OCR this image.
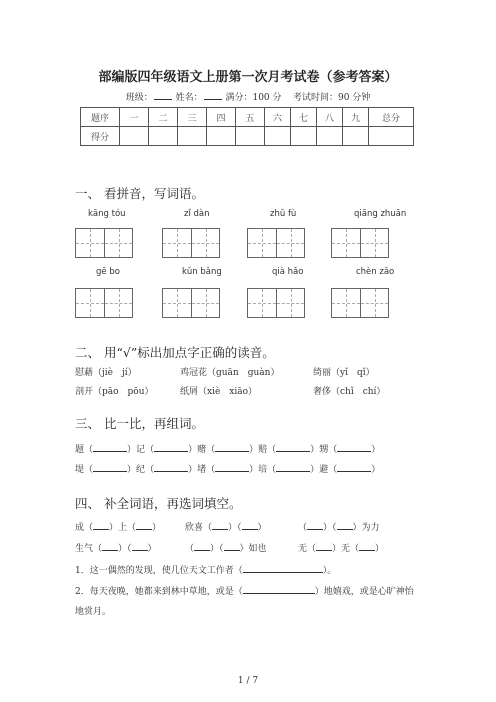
部编版四年级语文上册第一次月考试卷（参考答案）
班级：	姓名：	满分：100 分 考试时间：90 分钟
题序	一	二	三	四	五	六	七	八	九	总分
得分										
一、 看拼音，写词语。
kāng tóu	zǐ dàn	zhǔ fù	qiāng zhuān
gē bo	kǔn bǎng	qià hǎo	chèn zǎo
二、 用“√”标出加点字正确的读音。
慰藉（jiè　jí）	鸡冠花（guān　guàn）	绮丽（yǐ　qǐ）
剖开（pāo　pōu）	纸屑（xiè　xiāo）	奢侈（chǐ　chí）
三、 比一比，再组词。
题（	）记（	）赌（	）赔（	）甥（	）
堤（	）纪（	）堵（	）培（	）避（	）
四、 补全词语，再选词填空。
成（ ）上（ ）	欣喜（ ）（ ）	（ ）（ ）为力
生气（ ）（ ）	（ ）（ ）如也	无（ ）无（ ）
1．这一偶然的发现，使几位天文工作者（	）。
2．每天夜晚，她都来到林中草地，或是（	）地嬉戏，或是心旷神怡
地赏月。
1 / 7
